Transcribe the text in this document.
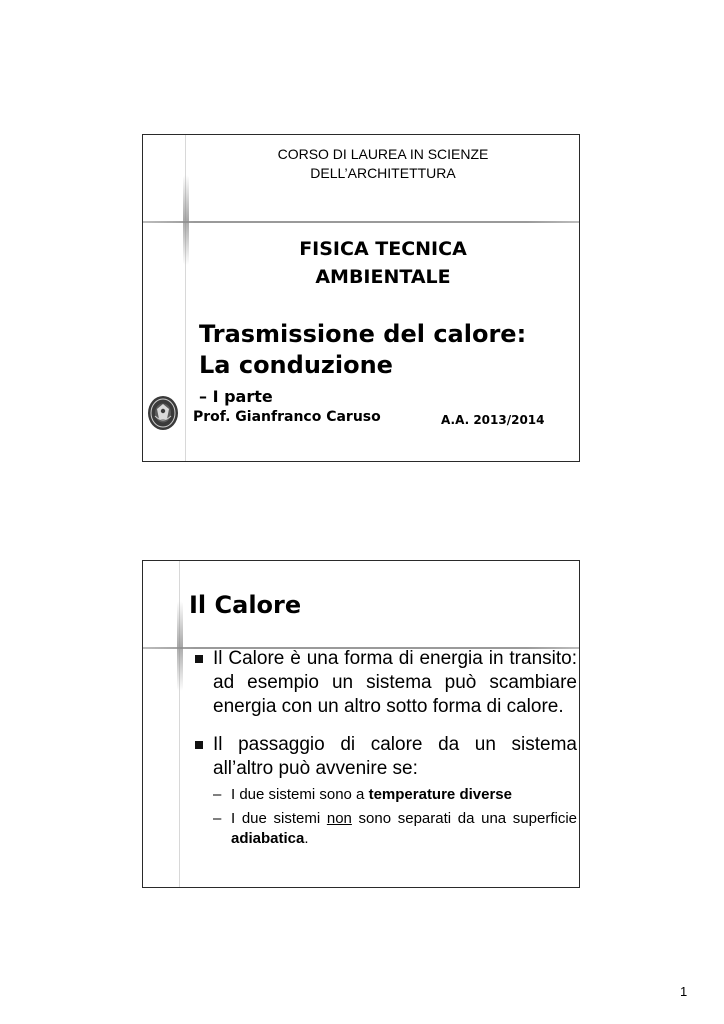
CORSO DI LAUREA IN SCIENZE
DELL’ARCHITETTURA
FISICA TECNICA
AMBIENTALE
Trasmissione del calore:
La conduzione
– I parte
Prof. Gianfranco Caruso	A.A. 2013/2014
Il Calore
Il Calore è una forma di energia in transito: ad esempio un sistema può scambiare energia con un altro sotto forma di calore.
Il passaggio di calore da un sistema all’altro può avvenire se:
– I due sistemi sono a temperature diverse
– I due sistemi non sono separati da una superficie adiabatica.
1
